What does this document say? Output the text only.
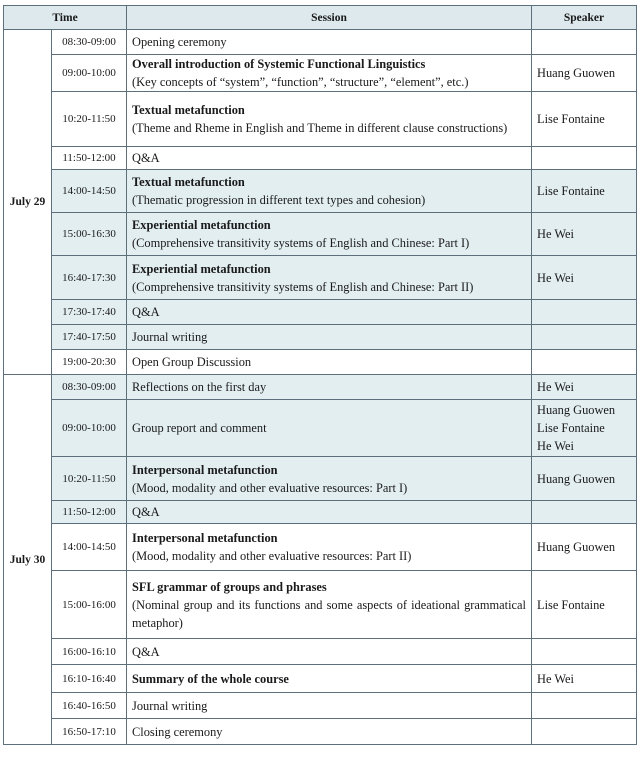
Time		Session	Speaker
July 29	08:30-09:00	Opening ceremony	

	09:00-10:00	Overall introduction of Systemic Functional Linguistics
(Key concepts of “system”, “function”, “structure”, “element”, etc.)	Huang Guowen

	10:20-11:50	Textual metafunction
(Theme and Rheme in English and Theme in different clause constructions)	Lise Fontaine

	11:50-12:00	Q&A	

	14:00-14:50	Textual metafunction
(Thematic progression in different text types and cohesion)	Lise Fontaine

	15:00-16:30	Experiential metafunction
(Comprehensive transitivity systems of English and Chinese: Part I)	He Wei

	16:40-17:30	Experiential metafunction
(Comprehensive transitivity systems of English and Chinese: Part II)	He Wei

	17:30-17:40	Q&A	

	17:40-17:50	Journal writing	

	19:00-20:30	Open Group Discussion	

July 30	08:30-09:00	Reflections on the first day	He Wei

	09:00-10:00	Group report and comment	Huang Guowen
Lise Fontaine
He Wei

	10:20-11:50	Interpersonal metafunction
(Mood, modality and other evaluative resources: Part I)	Huang Guowen

	11:50-12:00	Q&A	

	14:00-14:50	Interpersonal metafunction
(Mood, modality and other evaluative resources: Part II)	Huang Guowen

	15:00-16:00	SFL grammar of groups and phrases
(Nominal group and its functions and some aspects of ideational grammatical metaphor)	Lise Fontaine

	16:00-16:10	Q&A	

	16:10-16:40	Summary of the whole course	He Wei

	16:40-16:50	Journal writing	

	16:50-17:10	Closing ceremony	
